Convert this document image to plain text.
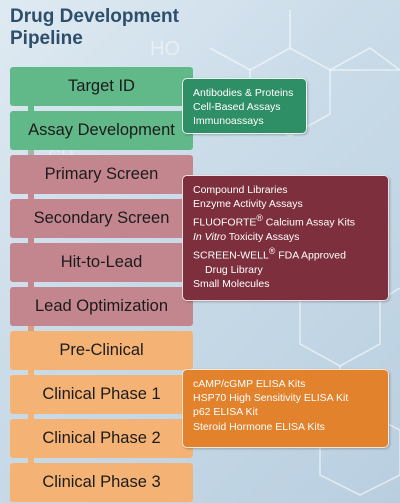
HO
Drug Development
Pipeline
Target ID
Assay Development
Primary Screen
Secondary Screen
Hit-to-Lead
Lead Optimization
Pre-Clinical
Clinical Phase 1
Clinical Phase 2
Clinical Phase 3
Antibodies & Proteins
Cell-Based Assays
Immunoassays
Compound Libraries
Enzyme Activity Assays
FLUOFORTE® Calcium Assay Kits
In Vitro Toxicity Assays
SCREEN-WELL® FDA Approved
Drug Library
Small Molecules
cAMP/cGMP ELISA Kits
HSP70 High Sensitivity ELISA Kit
p62 ELISA Kit
Steroid Hormone ELISA Kits
